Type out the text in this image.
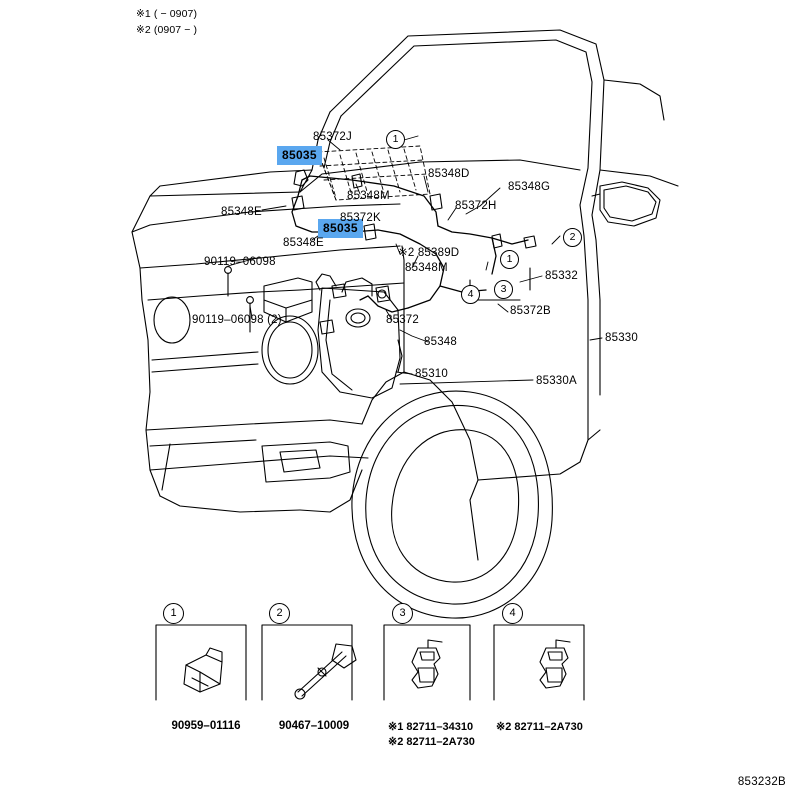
※1 ( − 0907)
※2 (0907 − )
85035
85035
85372J
85348D
85348G
85348M
85372H
85348E	85372K
85348E
※2 85389D
85348M
90119–06098
85332
90119–06098 (2)
85372B
85372
85348	85330
85310
85330A
1
2
1
3
4
1	2	3	4
90959–01116	90467–10009	※1 82711–34310
※2 82711–2A730
※2 82711–2A730
853232B
